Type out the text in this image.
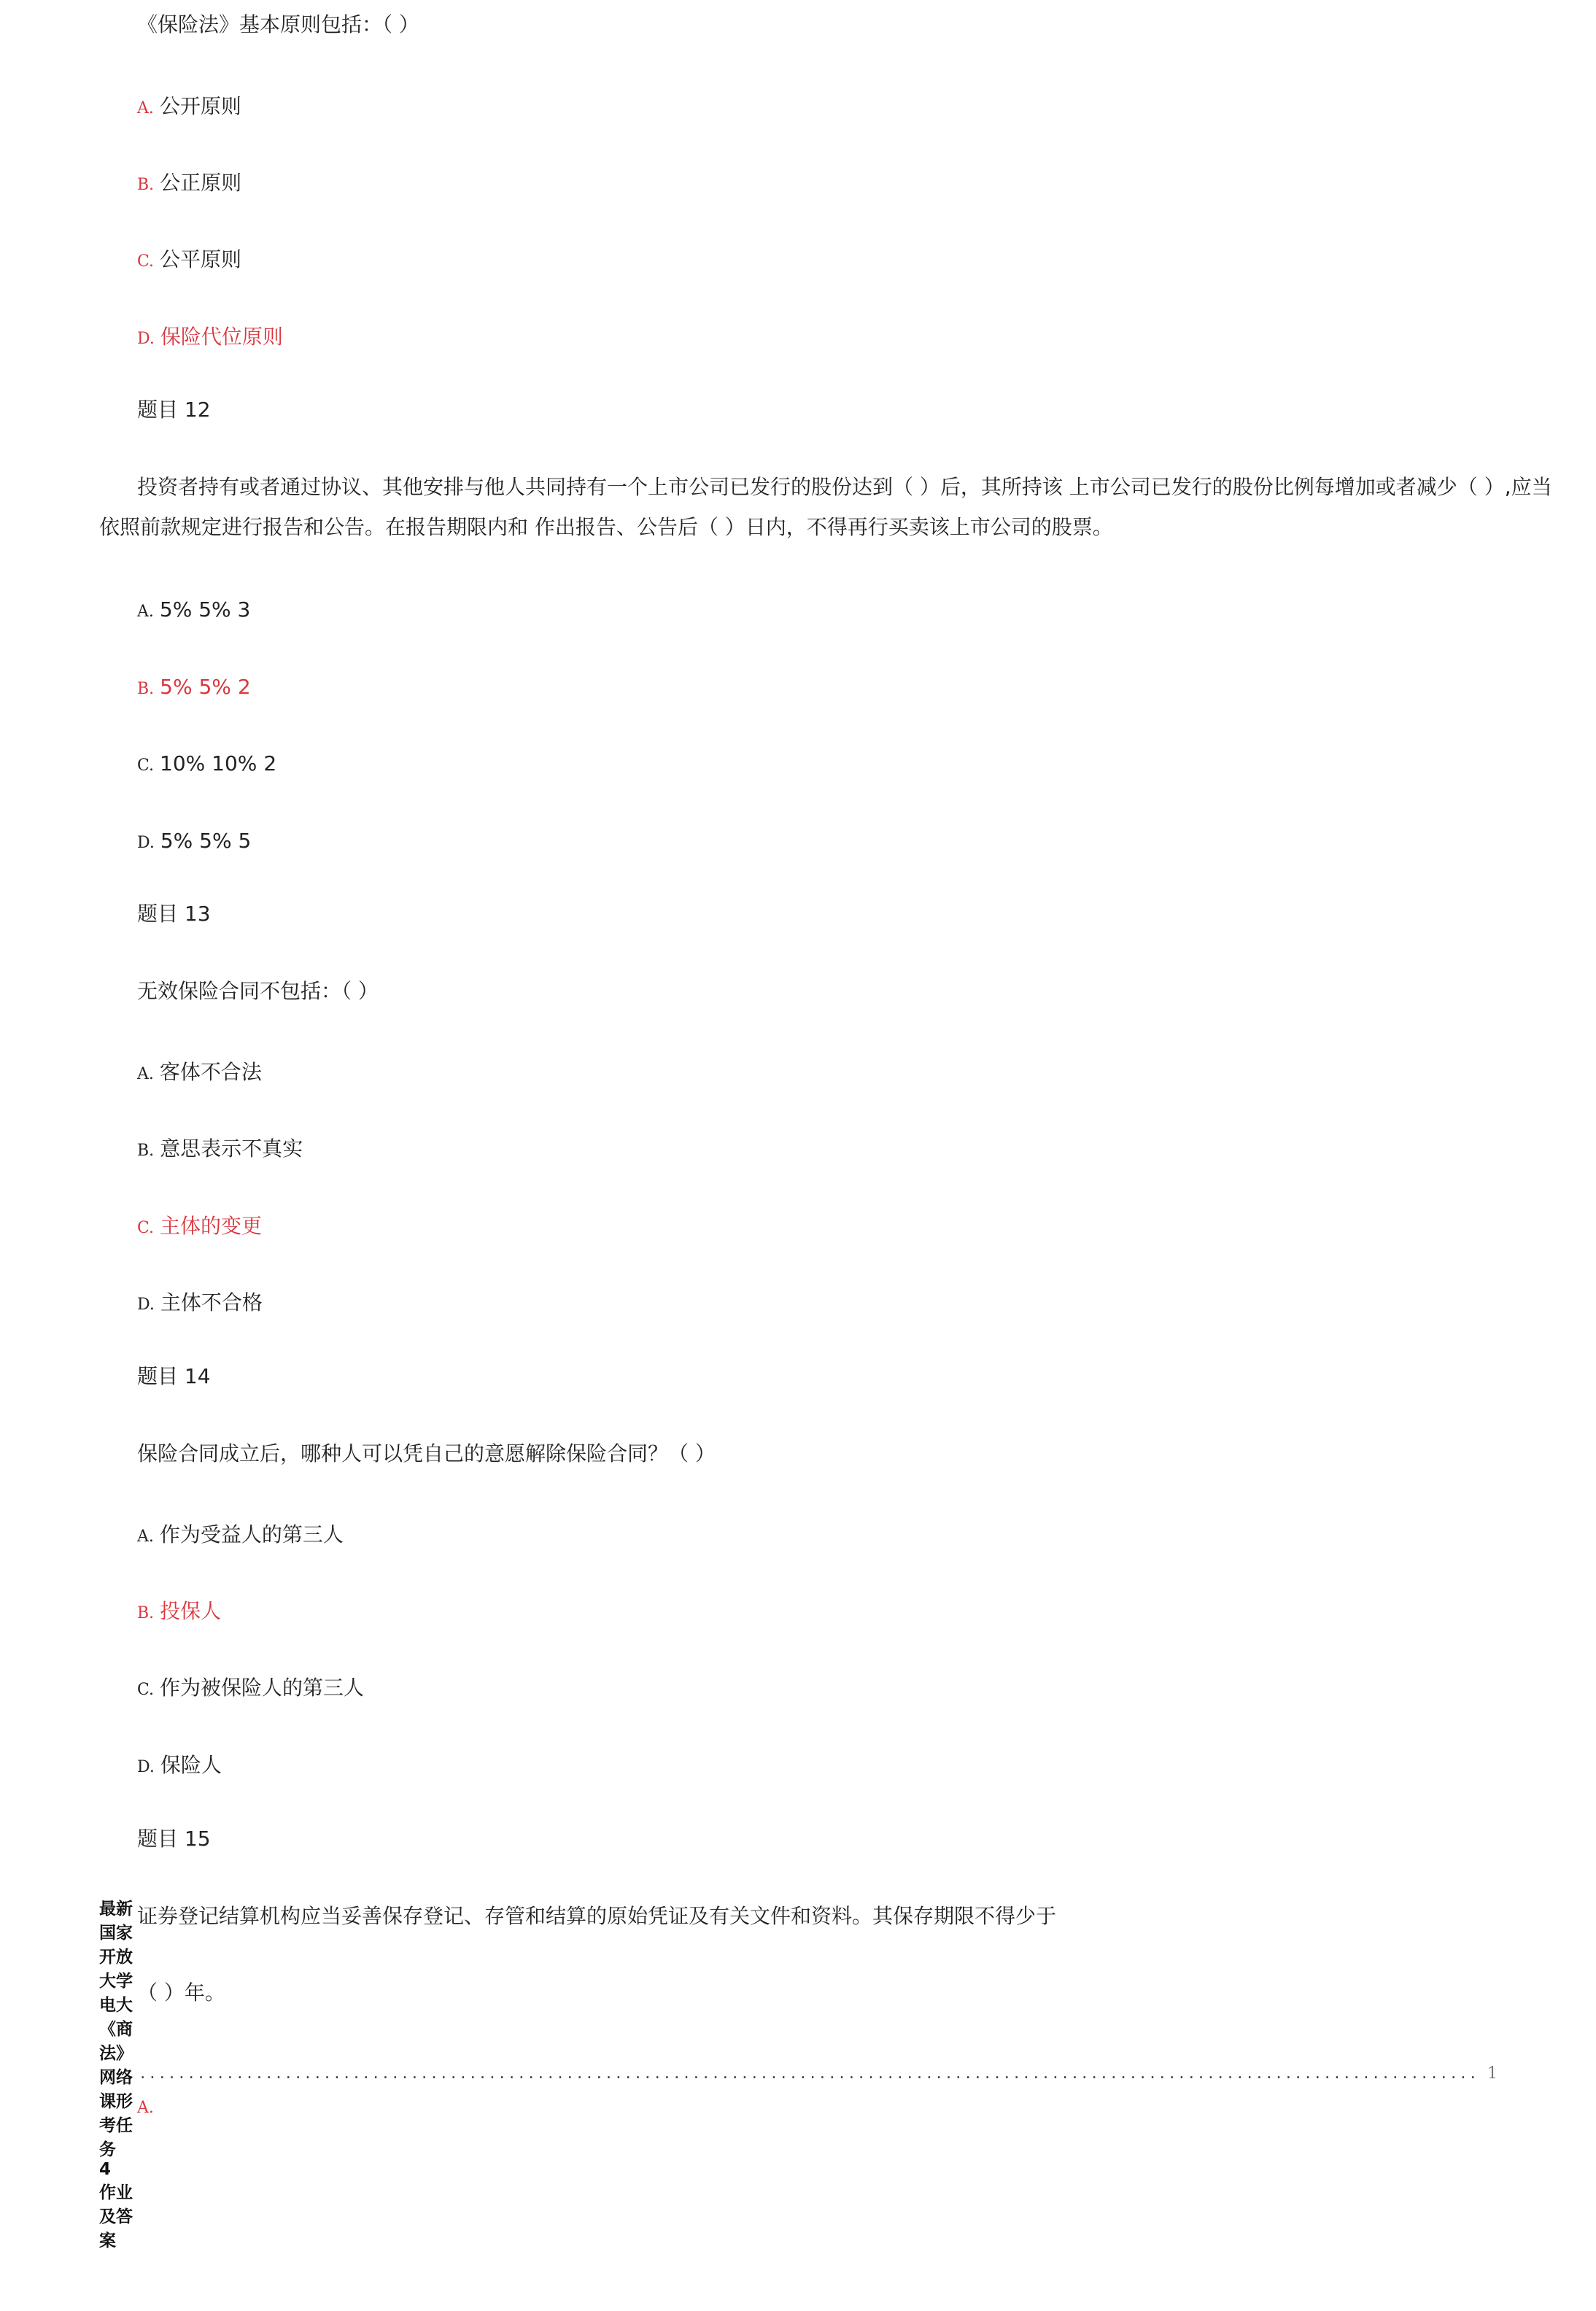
《保险法》基本原则包括：（ ）
A. 公开原则
B. 公正原则
C. 公平原则
D. 保险代位原则
题目 12
投资者持有或者通过协议、其他安排与他人共同持有一个上市公司已发行的股份达到（ ）后，其所持该 上市公司已发行的股份比例每增加或者减少（ ）,应当
依照前款规定进行报告和公告。在报告期限内和 作出报告、公告后（ ）日内，不得再行买卖该上市公司的股票。
A. 5% 5% 3
B. 5% 5% 2
C. 10% 10% 2
D. 5% 5% 5
题目 13
无效保险合同不包括：（ ）
A. 客体不合法
B. 意思表示不真实
C. 主体的变更
D. 主体不合格
题目 14
保险合同成立后，哪种人可以凭自己的意愿解除保险合同？（ ）
A. 作为受益人的第三人
B. 投保人
C. 作为被保险人的第三人
D. 保险人
题目 15
证券登记结算机构应当妥善保存登记、存管和结算的原始凭证及有关文件和资料。其保存期限不得少于
（ ）年。
最新国家开放大学电大《商法》网络课形考任务 4 作业及答案
.......................................................................................................................................... 1
A.
